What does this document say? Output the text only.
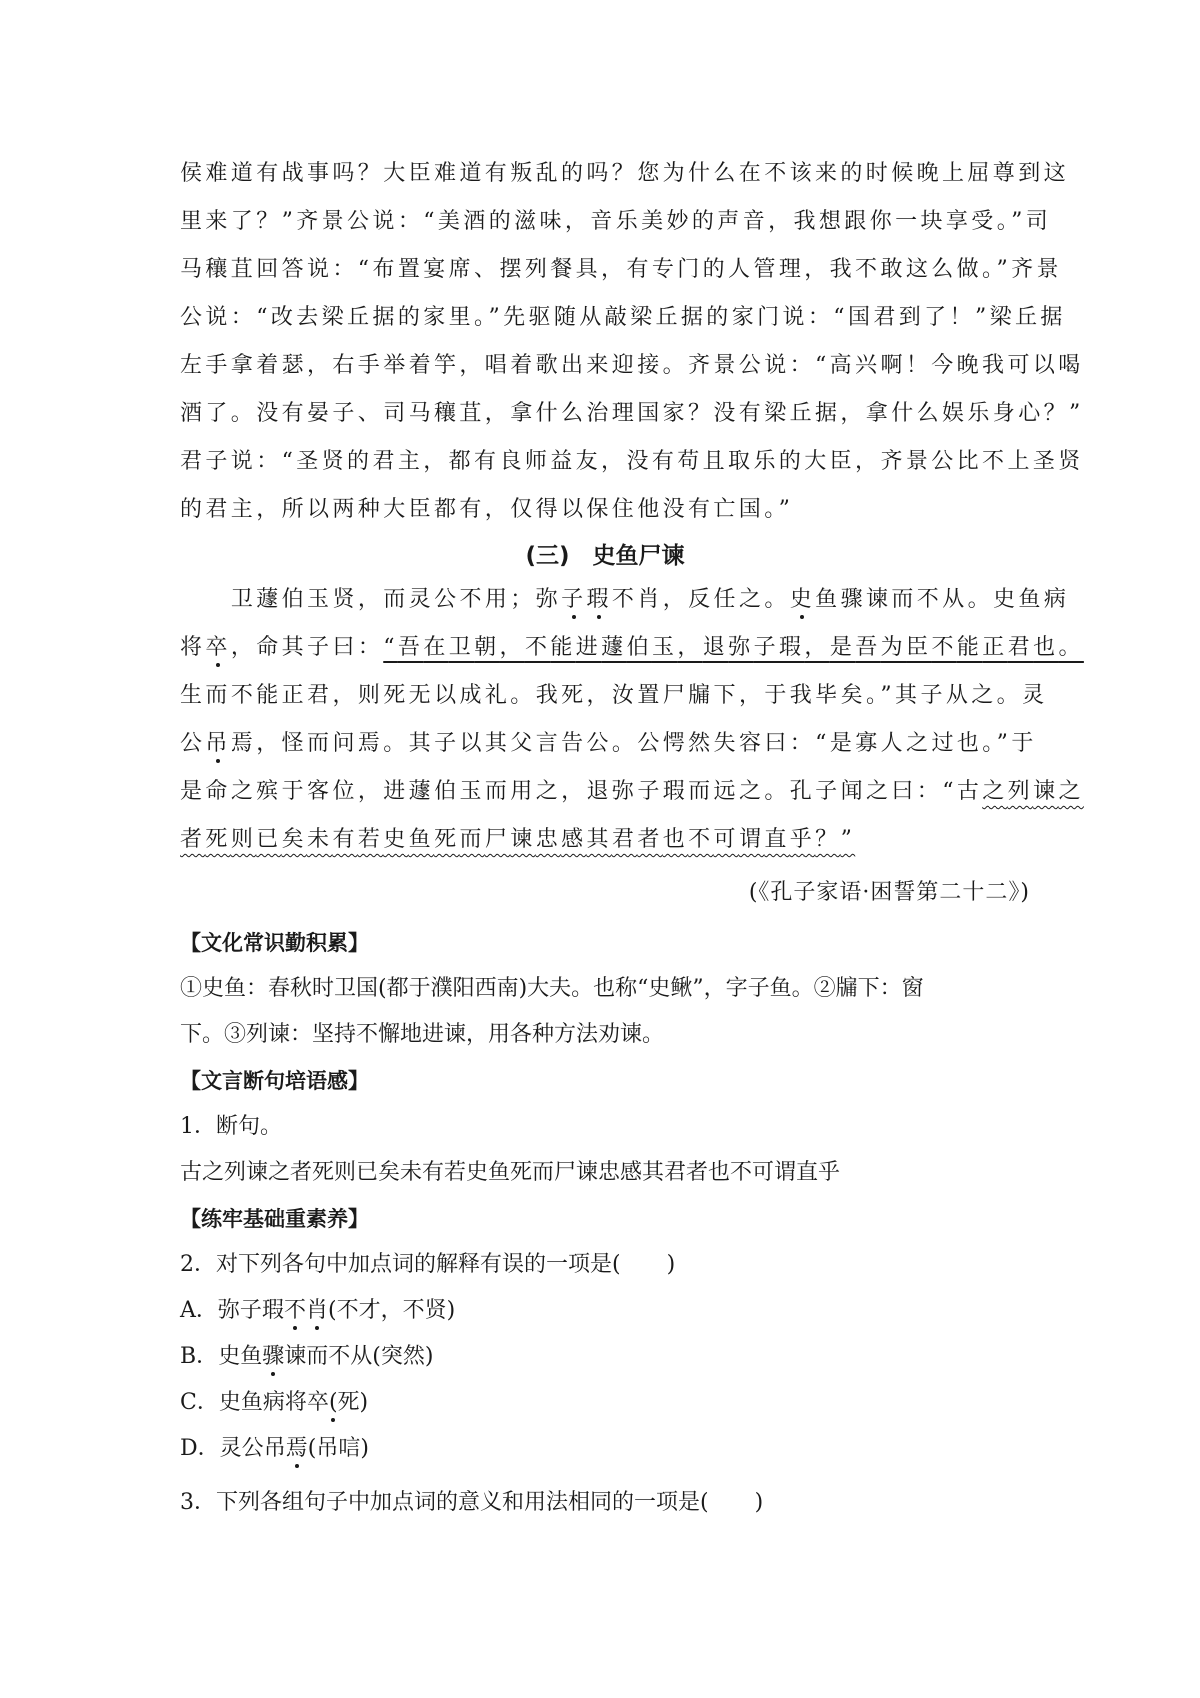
侯难道有战事吗？大臣难道有叛乱的吗？您为什么在不该来的时候晚上屈尊到这
里来了？”齐景公说：“美酒的滋味，音乐美妙的声音，我想跟你一块享受。”司
马穰苴回答说：“布置宴席、摆列餐具，有专门的人管理，我不敢这么做。”齐景
公说：“改去梁丘据的家里。”先驱随从敲梁丘据的家门说：“国君到了！”梁丘据
左手拿着瑟，右手举着竽，唱着歌出来迎接。齐景公说：“高兴啊！今晚我可以喝
酒了。没有晏子、司马穰苴，拿什么治理国家？没有梁丘据，拿什么娱乐身心？”
君子说：“圣贤的君主，都有良师益友，没有苟且取乐的大臣，齐景公比不上圣贤
的君主，所以两种大臣都有，仅得以保住他没有亡国。”
(三)　史鱼尸谏
　　卫蘧伯玉贤，而灵公不用；弥子瑕不肖，反任之。史鱼骤谏而不从。史鱼病
将卒，命其子曰：“吾在卫朝，不能进蘧伯玉，退弥子瑕，是吾为臣不能正君也。
生而不能正君，则死无以成礼。我死，汝置尸牖下，于我毕矣。”其子从之。灵
公吊焉，怪而问焉。其子以其父言告公。公愕然失容曰：“是寡人之过也。”于
是命之殡于客位，进蘧伯玉而用之，退弥子瑕而远之。孔子闻之曰：“古之列谏之
者死则已矣未有若史鱼死而尸谏忠感其君者也不可谓直乎？”
(《孔子家语·困誓第二十二》)
【文化常识勤积累】
①史鱼：春秋时卫国(都于濮阳西南)大夫。也称“史鳅”，字子鱼。②牖下：窗
下。③列谏：坚持不懈地进谏，用各种方法劝谏。
【文言断句培语感】
1．断句。
古之列谏之者死则已矣未有若史鱼死而尸谏忠感其君者也不可谓直乎
【练牢基础重素养】
2．对下列各句中加点词的解释有误的一项是( )
A．弥子瑕不肖(不才，不贤)
B．史鱼骤谏而不从(突然)
C．史鱼病将卒(死)
D．灵公吊焉(吊唁)
3．下列各组句子中加点词的意义和用法相同的一项是( )
